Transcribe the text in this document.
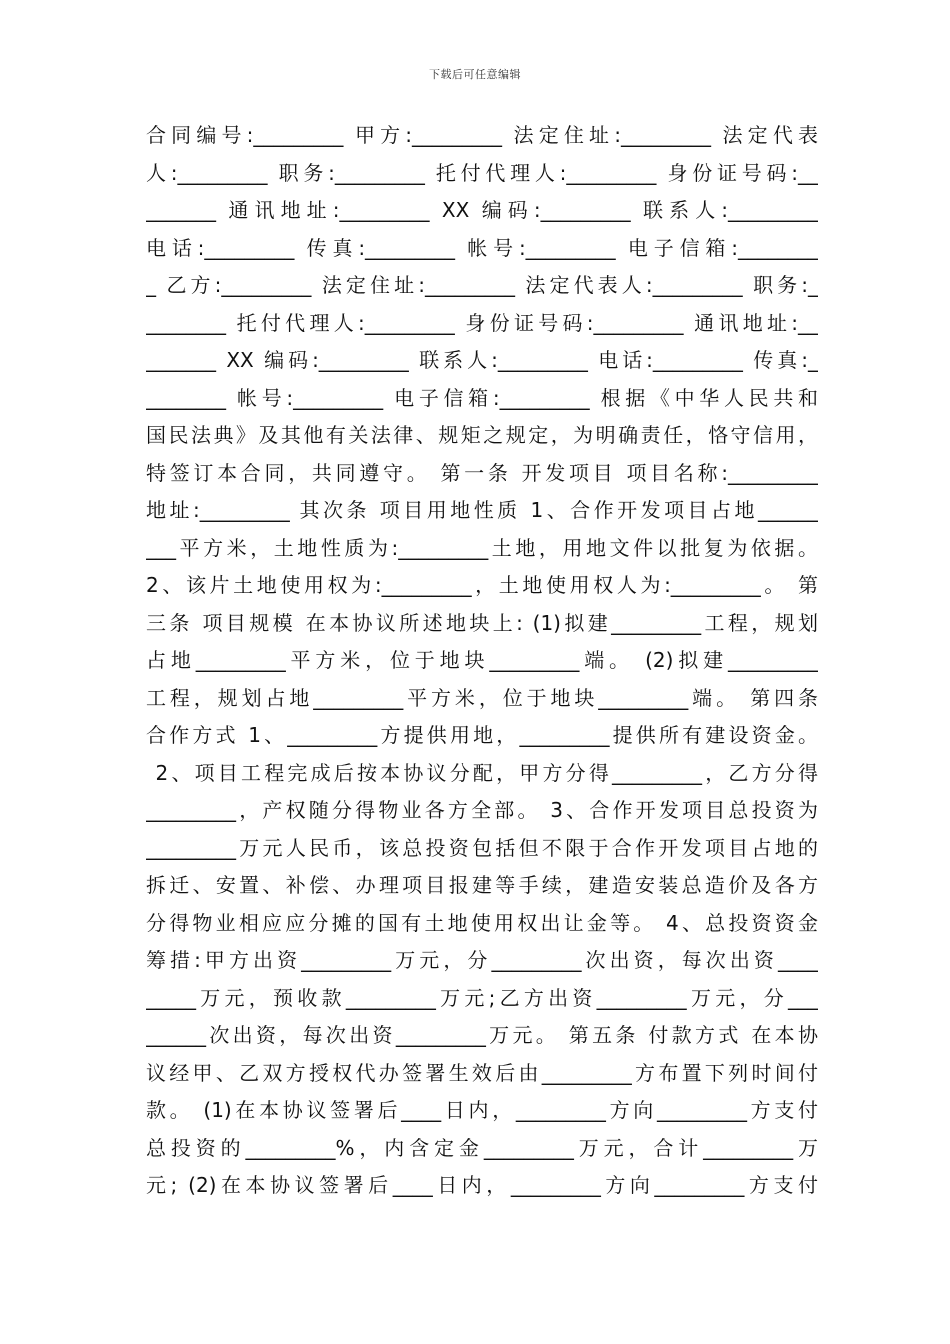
下载后可任意编辑
合同编号:_________ 甲方:_________ 法定住址:_________ 法定代表
人:_________ 职务:_________ 托付代理人:_________ 身份证号码:__
_______ 通讯地址:_________ XX 编码:_________ 联系人:_________
电话:_________ 传真:_________ 帐号:_________ 电子信箱:________
_ 乙方:_________ 法定住址:_________ 法定代表人:_________ 职务:_
________ 托付代理人:_________ 身份证号码:_________ 通讯地址:__
_______ XX 编码:_________ 联系人:_________ 电话:_________ 传真:_
________ 帐号:_________ 电子信箱:_________ 根据《中华人民共和
国民法典》及其他有关法律、规矩之规定，为明确责任，恪守信用，
特签订本合同，共同遵守。 第一条 开发项目 项目名称:_________
地址:_________ 其次条 项目用地性质 1、合作开发项目占地______
___平方米，土地性质为:_________土地，用地文件以批复为依据。
2、该片土地使用权为:_________，土地使用权人为:_________。 第
三条 项目规模 在本协议所述地块上: (1)拟建_________工程，规划
占地_________平方米，位于地块_________端。 (2)拟建_________
工程，规划占地_________平方米，位于地块_________端。 第四条
合作方式 1、_________方提供用地，_________提供所有建设资金。
2、项目工程完成后按本协议分配，甲方分得_________，乙方分得
_________，产权随分得物业各方全部。 3、合作开发项目总投资为
_________万元人民币，该总投资包括但不限于合作开发项目占地的
拆迁、安置、补偿、办理项目报建等手续，建造安装总造价及各方
分得物业相应应分摊的国有土地使用权出让金等。 4、总投资资金
筹措:甲方出资_________万元，分_________次出资，每次出资____
_____万元，预收款_________万元;乙方出资_________万元，分___
______次出资，每次出资_________万元。 第五条 付款方式 在本协
议经甲、乙双方授权代办签署生效后由_________方布置下列时间付
款。 (1)在本协议签署后____日内，_________方向_________方支付
总投资的_________%，内含定金_________万元，合计_________万
元; (2)在本协议签署后____日内，_________方向_________方支付
